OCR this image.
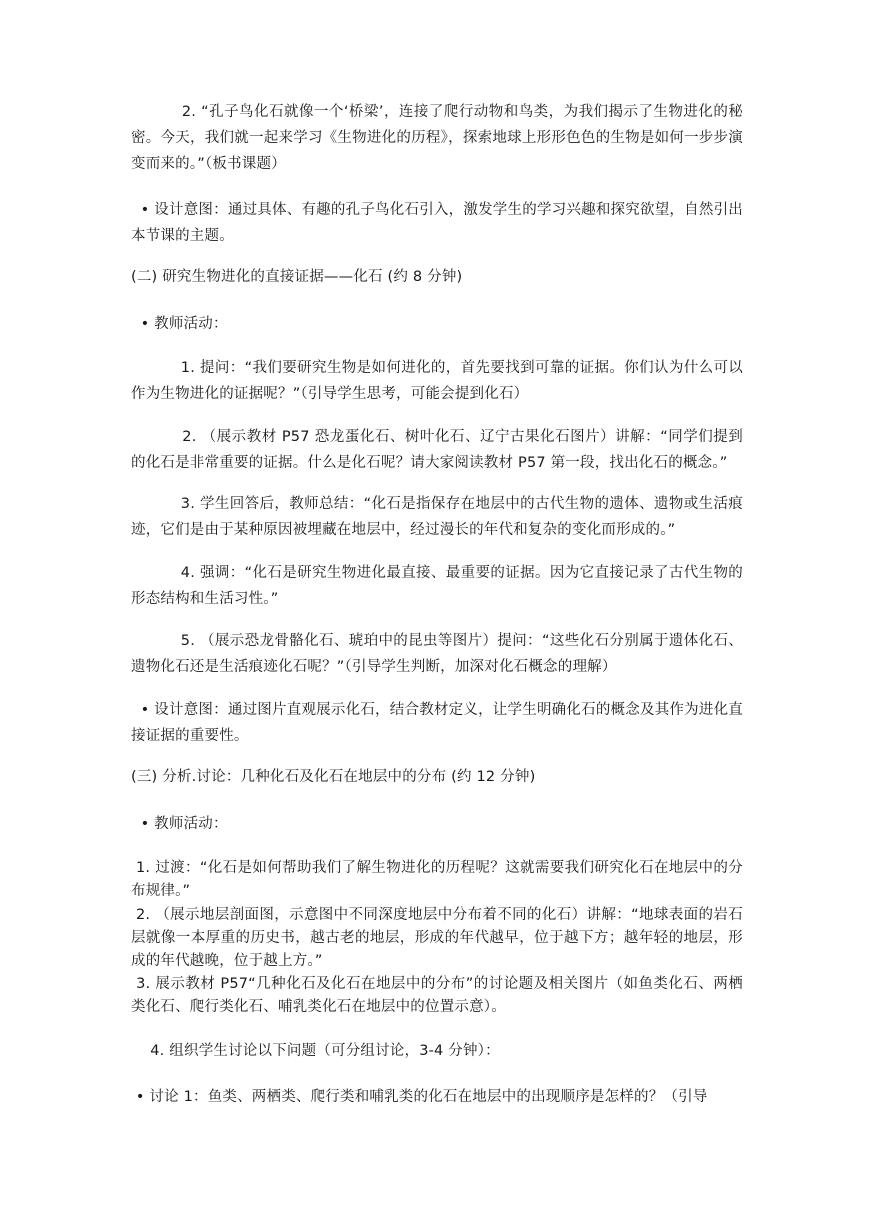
2. “孔子鸟化石就像一个‘桥梁’，连接了爬行动物和鸟类，为我们揭示了生物进化的秘密。今天，我们就一起来学习《生物进化的历程》，探索地球上形形色色的生物是如何一步步演变而来的。”（板书课题）

• 设计意图：通过具体、有趣的孔子鸟化石引入，激发学生的学习兴趣和探究欲望，自然引出本节课的主题。

(二) 研究生物进化的直接证据——化石 (约 8 分钟)

• 教师活动：

1. 提问：“我们要研究生物是如何进化的，首先要找到可靠的证据。你们认为什么可以作为生物进化的证据呢？”（引导学生思考，可能会提到化石）

2. （展示教材 P57 恐龙蛋化石、树叶化石、辽宁古果化石图片）讲解：“同学们提到的化石是非常重要的证据。什么是化石呢？请大家阅读教材 P57 第一段，找出化石的概念。”

3. 学生回答后，教师总结：“化石是指保存在地层中的古代生物的遗体、遗物或生活痕迹，它们是由于某种原因被埋藏在地层中，经过漫长的年代和复杂的变化而形成的。”

4. 强调：“化石是研究生物进化最直接、最重要的证据。因为它直接记录了古代生物的形态结构和生活习性。”

5. （展示恐龙骨骼化石、琥珀中的昆虫等图片）提问：“这些化石分别属于遗体化石、遗物化石还是生活痕迹化石呢？”（引导学生判断，加深对化石概念的理解）

• 设计意图：通过图片直观展示化石，结合教材定义，让学生明确化石的概念及其作为进化直接证据的重要性。

(三) 分析.讨论：几种化石及化石在地层中的分布 (约 12 分钟)

• 教师活动：

1. 过渡：“化石是如何帮助我们了解生物进化的历程呢？这就需要我们研究化石在地层中的分布规律。”

2. （展示地层剖面图，示意图中不同深度地层中分布着不同的化石）讲解：“地球表面的岩石层就像一本厚重的历史书，越古老的地层，形成的年代越早，位于越下方；越年轻的地层，形成的年代越晚，位于越上方。”

3. 展示教材 P57“几种化石及化石在地层中的分布”的讨论题及相关图片（如鱼类化石、两栖类化石、爬行类化石、哺乳类化石在地层中的位置示意）。

4. 组织学生讨论以下问题（可分组讨论，3-4 分钟）：

• 讨论 1：鱼类、两栖类、爬行类和哺乳类的化石在地层中的出现顺序是怎样的？（引导
